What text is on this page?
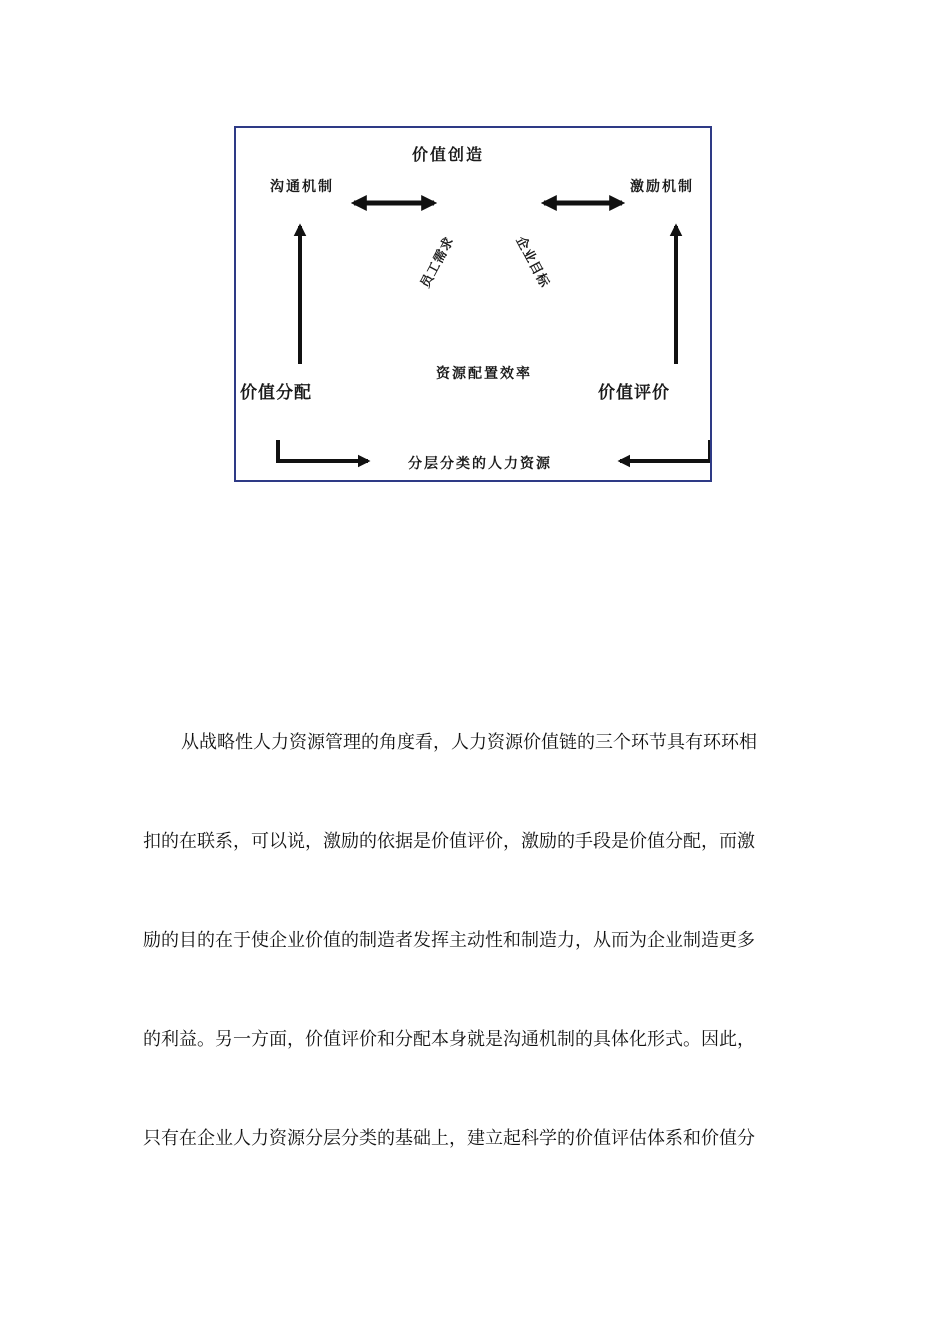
价值创造
沟通机制	激励机制
价值分配	价值评价
资源配置效率
分层分类的人力资源
员工需求	企业目标
从战略性人力资源管理的角度看，人力资源价值链的三个环节具有环环相
扣的在联系，可以说，激励的依据是价值评价，激励的手段是价值分配，而激
励的目的在于使企业价值的制造者发挥主动性和制造力，从而为企业制造更多
的利益。另一方面，价值评价和分配本身就是沟通机制的具体化形式。因此，
只有在企业人力资源分层分类的基础上，建立起科学的价值评估体系和价值分
